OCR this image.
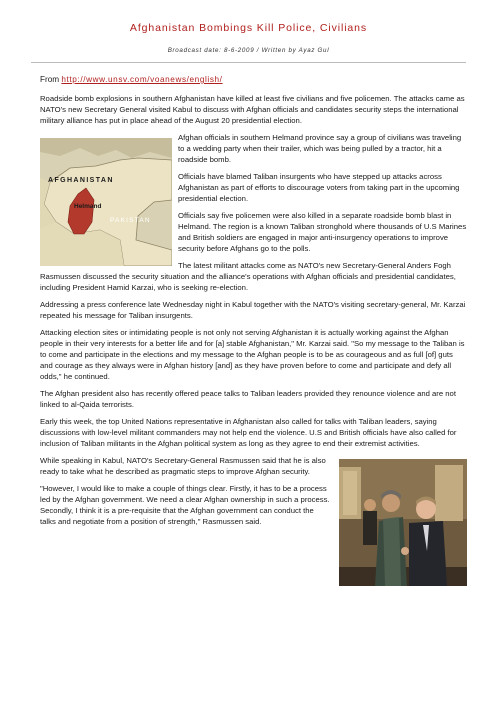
Afghanistan Bombings Kill Police, Civilians
Broadcast date: 8-6-2009 / Written by Ayaz Gul

From http://www.unsv.com/voanews/english/

Roadside bomb explosions in southern Afghanistan have killed at least five civilians and five policemen. The attacks came as NATO's new Secretary General visited Kabul to discuss with Afghan officials and candidates security steps the international military alliance has put in place ahead of the August 20 presidential election.

AFGHANISTAN
Helmand
PAKISTAN

Afghan officials in southern Helmand province say a group of civilians was traveling to a wedding party when their trailer, which was being pulled by a tractor, hit a roadside bomb.

Officials have blamed Taliban insurgents who have stepped up attacks across Afghanistan as part of efforts to discourage voters from taking part in the upcoming presidential election.

Officials say five policemen were also killed in a separate roadside bomb blast in Helmand. The region is a known Taliban stronghold where thousands of U.S Marines and British soldiers are engaged in major anti-insurgency operations to improve security before Afghans go to the polls.

The latest militant attacks come as NATO's new Secretary-General Anders Fogh Rasmussen discussed the security situation and the alliance's operations with Afghan officials and presidential candidates, including President Hamid Karzai, who is seeking re-election.

Addressing a press conference late Wednesday night in Kabul together with the NATO's visiting secretary-general, Mr. Karzai repeated his message for Taliban insurgents.

Attacking election sites or intimidating people is not only not serving Afghanistan it is actually working against the Afghan people in their very interests for a better life and for [a] stable Afghanistan," Mr. Karzai said. "So my message to the Taliban is to come and participate in the elections and my message to the Afghan people is to be as courageous and as full [of] guts and courage as they always were in Afghan history [and] as they have proven before to come and participate and defy all odds," he continued.

The Afghan president also has recently offered peace talks to Taliban leaders provided they renounce violence and are not linked to al-Qaida terrorists.

Early this week, the top United Nations representative in Afghanistan also called for talks with Taliban leaders, saying discussions with low-level militant commanders may not help end the violence. U.S and British officials have also called for inclusion of Taliban militants in the Afghan political system as long as they agree to end their extremist activities.

While speaking in Kabul, NATO's Secretary-General Rasmussen said that he is also ready to take what he described as pragmatic steps to improve Afghan security.

"However, I would like to make a couple of things clear. Firstly, it has to be a process led by the Afghan government. We need a clear Afghan ownership in such a process. Secondly, I think it is a pre-requisite that the Afghan government can conduct the talks and negotiate from a position of strength," Rasmussen said.
